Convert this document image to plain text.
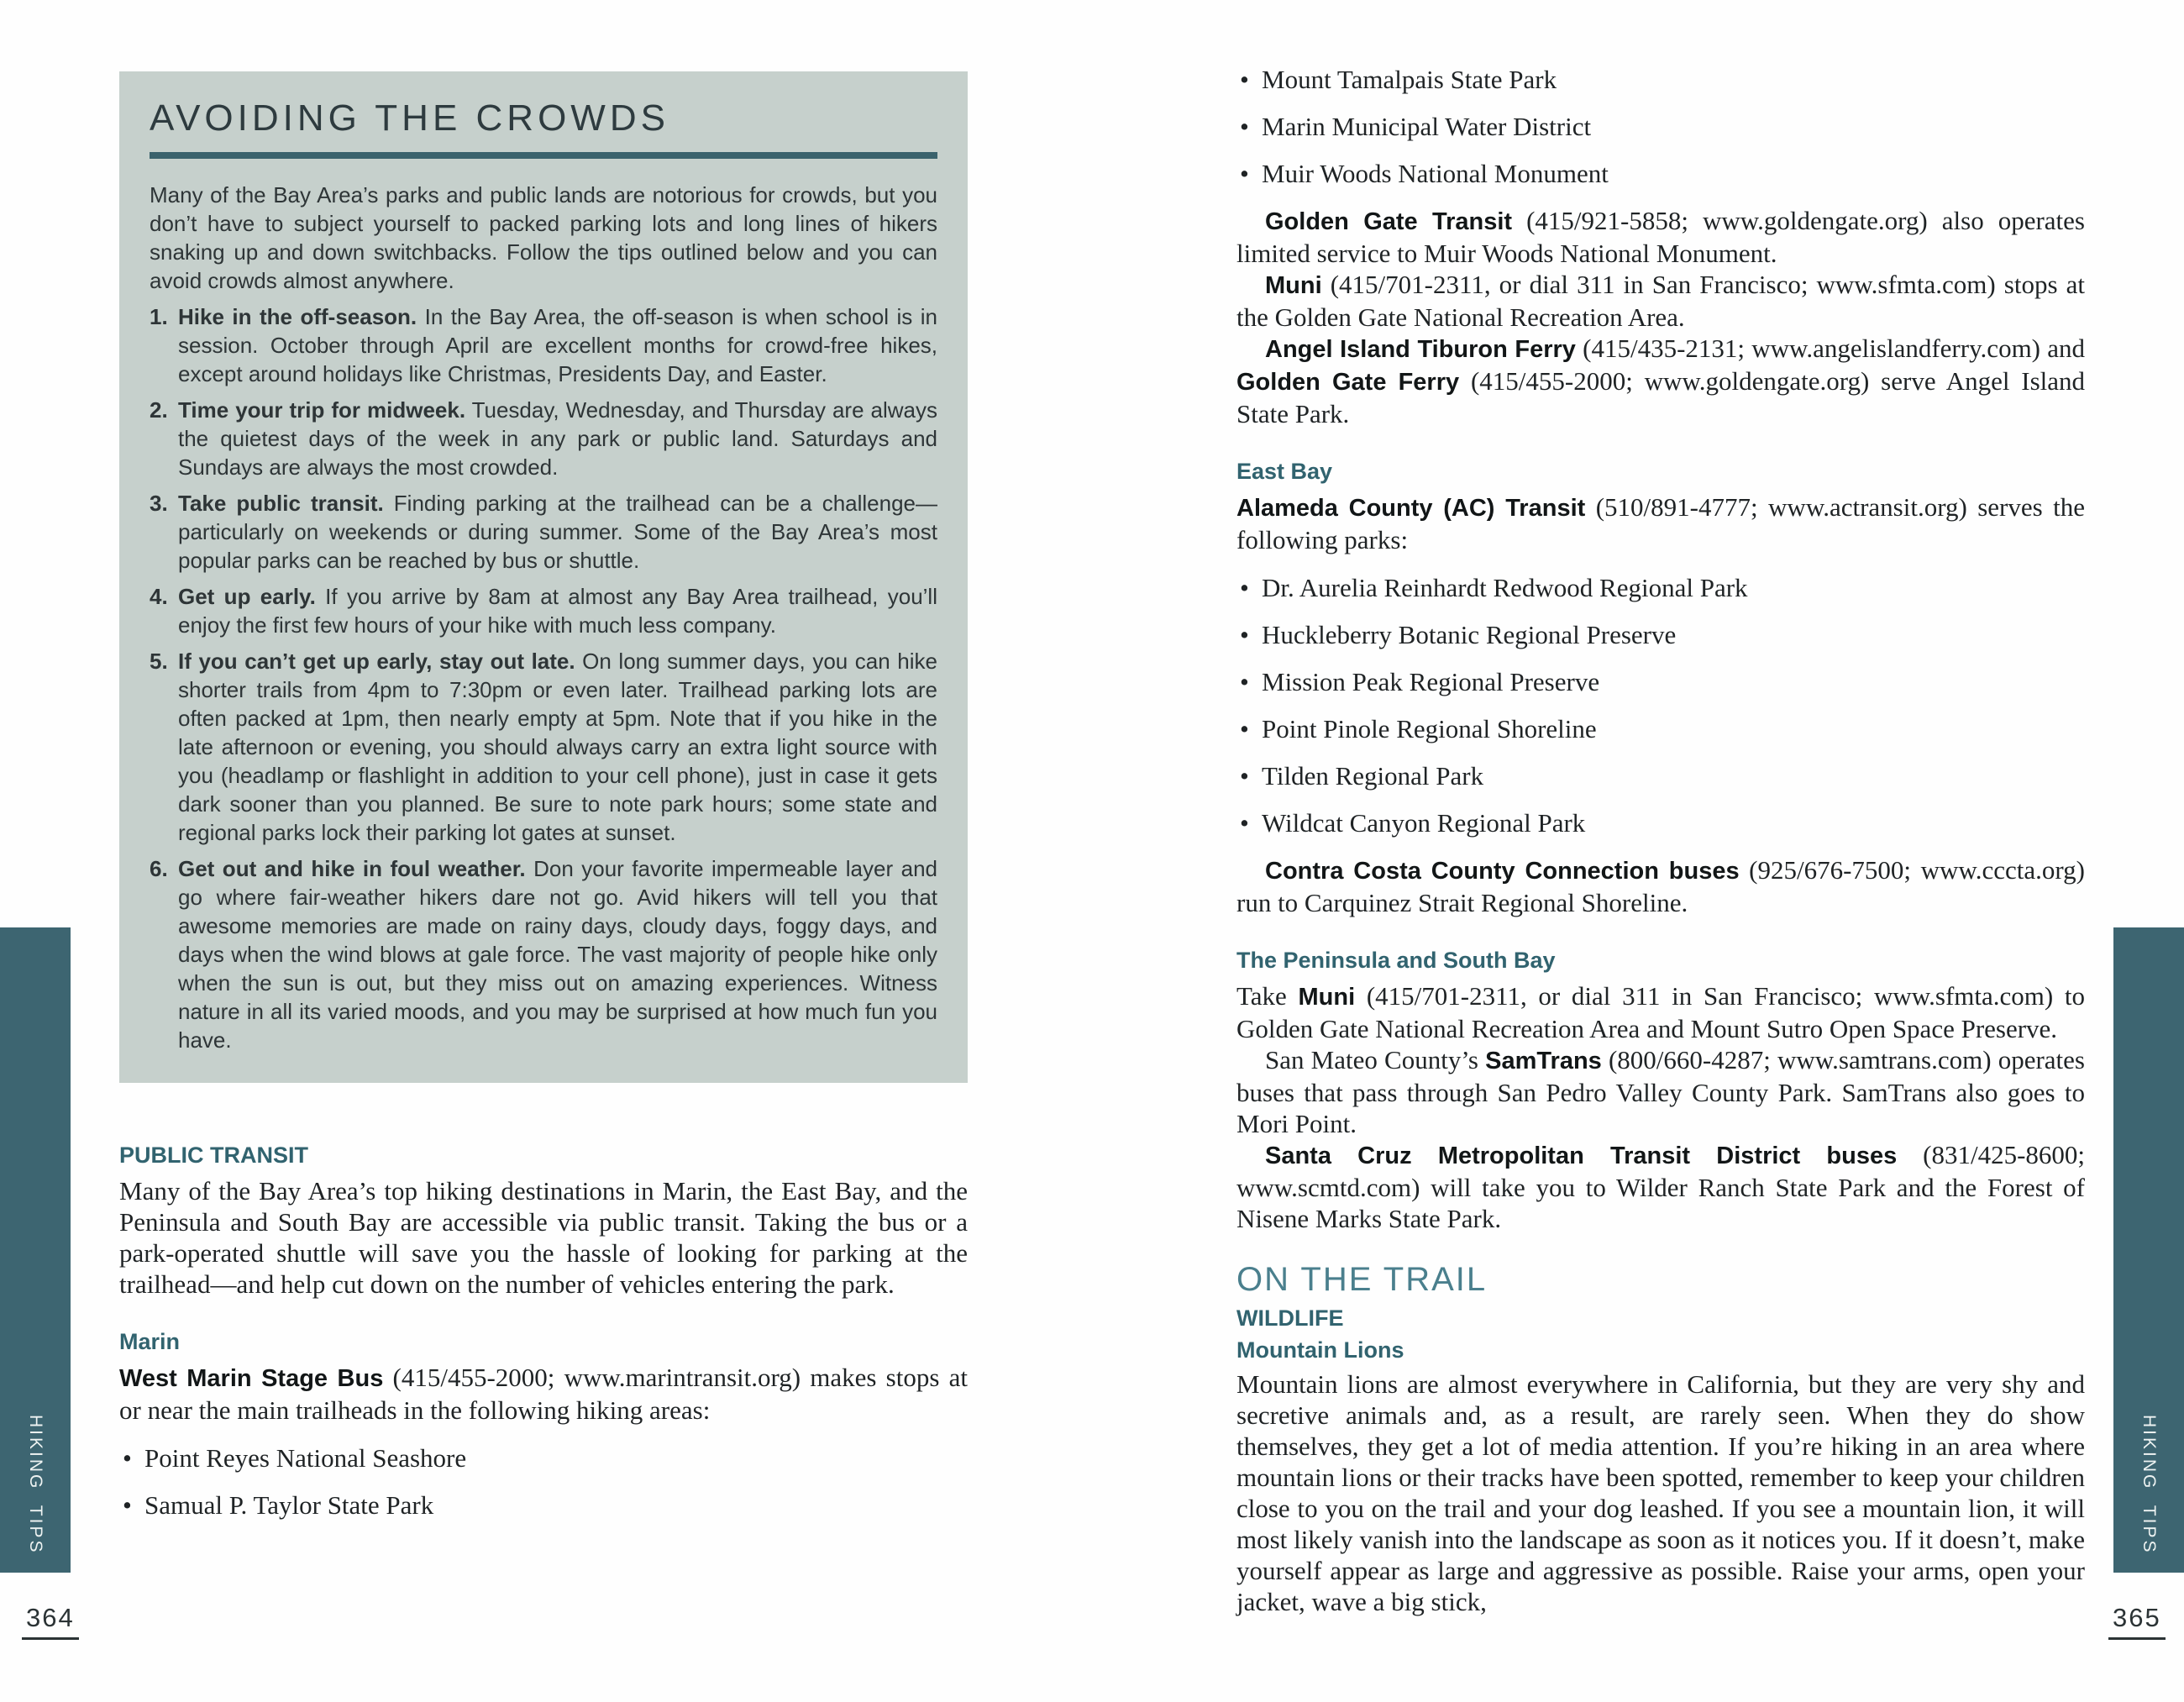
AVOIDING THE CROWDS
Many of the Bay Area’s parks and public lands are notorious for crowds, but you don’t have to subject yourself to packed parking lots and long lines of hikers snaking up and down switchbacks. Follow the tips outlined below and you can avoid crowds almost anywhere.
1. Hike in the off-season. In the Bay Area, the off-season is when school is in session. October through April are excellent months for crowd-free hikes, except around holidays like Christmas, Presidents Day, and Easter.
2. Time your trip for midweek. Tuesday, Wednesday, and Thursday are always the quietest days of the week in any park or public land. Saturdays and Sundays are always the most crowded.
3. Take public transit. Finding parking at the trailhead can be a challenge—particularly on weekends or during summer. Some of the Bay Area’s most popular parks can be reached by bus or shuttle.
4. Get up early. If you arrive by 8am at almost any Bay Area trailhead, you’ll enjoy the first few hours of your hike with much less company.
5. If you can’t get up early, stay out late. On long summer days, you can hike shorter trails from 4pm to 7:30pm or even later. Trailhead parking lots are often packed at 1pm, then nearly empty at 5pm. Note that if you hike in the late afternoon or evening, you should always carry an extra light source with you (headlamp or flashlight in addition to your cell phone), just in case it gets dark sooner than you planned. Be sure to note park hours; some state and regional parks lock their parking lot gates at sunset.
6. Get out and hike in foul weather. Don your favorite impermeable layer and go where fair-weather hikers dare not go. Avid hikers will tell you that awesome memories are made on rainy days, cloudy days, foggy days, and days when the wind blows at gale force. The vast majority of people hike only when the sun is out, but they miss out on amazing experiences. Witness nature in all its varied moods, and you may be surprised at how much fun you have.
PUBLIC TRANSIT

Many of the Bay Area’s top hiking destinations in Marin, the East Bay, and the Peninsula and South Bay are accessible via public transit. Taking the bus or a park-operated shuttle will save you the hassle of looking for parking at the trailhead—and help cut down on the number of vehicles entering the park.

Marin

West Marin Stage Bus (415/455-2000; www.marintransit.org) makes stops at or near the main trailheads in the following hiking areas:

• Point Reyes National Seashore
• Samual P. Taylor State Park
• Mount Tamalpais State Park
• Marin Municipal Water District
• Muir Woods National Monument

Golden Gate Transit (415/921-5858; www.goldengate.org) also operates limited service to Muir Woods National Monument.

Muni (415/701-2311, or dial 311 in San Francisco; www.sfmta.com) stops at the Golden Gate National Recreation Area.

Angel Island Tiburon Ferry (415/435-2131; www.angelislandferry.com) and Golden Gate Ferry (415/455-2000; www.goldengate.org) serve Angel Island State Park.

East Bay

Alameda County (AC) Transit (510/891-4777; www.actransit.org) serves the following parks:

• Dr. Aurelia Reinhardt Redwood Regional Park
• Huckleberry Botanic Regional Preserve
• Mission Peak Regional Preserve
• Point Pinole Regional Shoreline
• Tilden Regional Park
• Wildcat Canyon Regional Park

Contra Costa County Connection buses (925/676-7500; www.cccta.org) run to Carquinez Strait Regional Shoreline.

The Peninsula and South Bay

Take Muni (415/701-2311, or dial 311 in San Francisco; www.sfmta.com) to Golden Gate National Recreation Area and Mount Sutro Open Space Preserve.

San Mateo County’s SamTrans (800/660-4287; www.samtrans.com) operates buses that pass through San Pedro Valley County Park. SamTrans also goes to Mori Point.

Santa Cruz Metropolitan Transit District buses (831/425-8600; www.scmtd.com) will take you to Wilder Ranch State Park and the Forest of Nisene Marks State Park.

ON THE TRAIL
WILDLIFE
Mountain Lions

Mountain lions are almost everywhere in California, but they are very shy and secretive animals and, as a result, are rarely seen. When they do show themselves, they get a lot of media attention. If you’re hiking in an area where mountain lions or their tracks have been spotted, remember to keep your children close to you on the trail and your dog leashed. If you see a mountain lion, it will most likely vanish into the landscape as soon as it notices you. If it doesn’t, make yourself appear as large and aggressive as possible. Raise your arms, open your jacket, wave a big stick,

HIKING TIPS	HIKING TIPS
364	365
